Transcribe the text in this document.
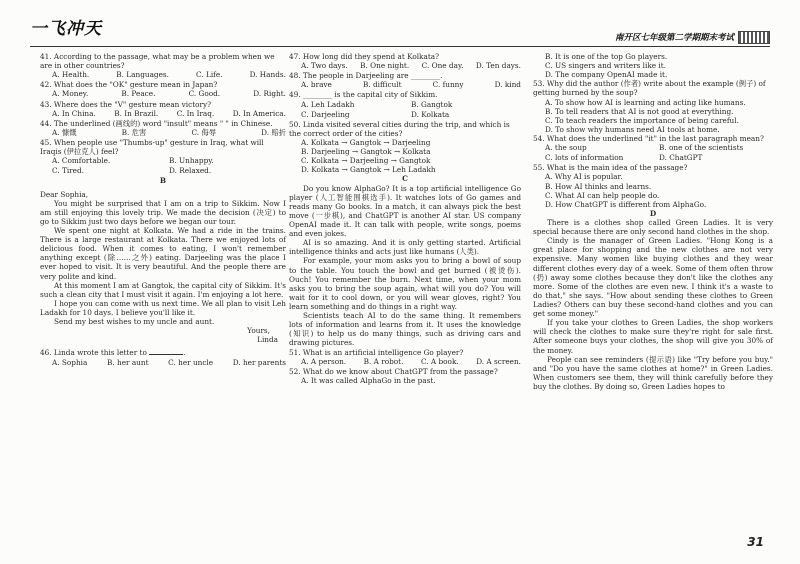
一飞冲天	南开区七年级第二学期期末考试

41. According to the passage, what may be a problem when we are in other countries?

A. Health.	B. Languages.	C. Life.	D. Hands.

42. What does the "OK" gesture mean in Japan?

A. Money.	B. Peace.	C. Good.	D. Right.

43. Where does the "V" gesture mean victory?

A. In China.	B. In Brazil.	C. In Iraq.	D. In America.

44. The underlined (画线的) word "insult" means " " in Chinese.

A. 慷慨	B. 危害	C. 侮辱	D. 赔折

45. When people use "Thumbs-up" gesture in Iraq, what will Iraqis (伊拉克人) feel?

A. Comfortable.	B. Unhappy.
C. Tired.	D. Relaxed.

B

Dear Sophia,

You might be surprised that I am on a trip to Sikkim. Now I am still enjoying this lovely trip. We made the decision (决定) to go to Sikkim just two days before we began our tour.

We spent one night at Kolkata. We had a ride in the trains. There is a large restaurant at Kolkata. There we enjoyed lots of delicious food. When it comes to eating, I won't remember anything except (除……之外) eating. Darjeeling was the place I ever hoped to visit. It is very beautiful. And the people there are very polite and kind.

At this moment I am at Gangtok, the capital city of Sikkim. It's such a clean city that I must visit it again. I'm enjoying a lot here.

I hope you can come with us next time. We all plan to visit Leh Ladakh for 10 days. I believe you'll like it.

Send my best wishes to my uncle and aunt.

Yours,

Linda

46. Linda wrote this letter to	.

A. Sophia	B. her aunt	C. her uncle	D. her parents

47. How long did they spend at Kolkata?

A. Two days. B. One night. C. One day. D. Ten days.

48. The people in Darjeeling are ________.

A. brave	B. difficult	C. funny	D. kind

49. ________ is the capital city of Sikkim.

A. Leh Ladakh	B. Gangtok
C. Darjeeling	D. Kolkata

50. Linda visited several cities during the trip, and which is the correct order of the cities?

A. Kolkata → Gangtok → Darjeeling

B. Darjeeling → Gangtok → Kolkata

C. Kolkata → Darjeeling → Gangtok

D. Kolkata → Gangtok → Leh Ladakh

C

Do you know AlphaGo? It is a top artificial intelligence Go player (人工智能围棋选手). It watches lots of Go games and reads many Go books. In a match, it can always pick the best move (一步棋), and ChatGPT is another AI star. US company OpenAI made it. It can talk with people, write songs, poems and even jokes.

AI is so amazing. And it is only getting started. Artificial intelligence thinks and acts just like humans (人类).

For example, your mom asks you to bring a bowl of soup to the table. You touch the bowl and get burned (被烫伤). Ouch! You remember the burn. Next time, when your mom asks you to bring the soup again, what will you do? You will wait for it to cool down, or you will wear gloves, right? You learn something and do things in a right way.

Scientists teach AI to do the same thing. It remembers lots of information and learns from it. It uses the knowledge (知识) to help us do many things, such as driving cars and drawing pictures.

51. What is an artificial intelligence Go player?

A. A person. B. A robot. C. A book. D. A screen.

52. What do we know about ChatGPT from the passage?

A. It was called AlphaGo in the past.

B. It is one of the top Go players.

C. US singers and writers like it.

D. The company OpenAI made it.

53. Why did the author (作者) write about the example (例子) of getting burned by the soup?

A. To show how AI is learning and acting like humans.

B. To tell readers that AI is not good at everything.

C. To teach readers the importance of being careful.

D. To show why humans need AI tools at home.

54. What does the underlined "it" in the last paragraph mean?

A. the soup	B. one of the scientists
C. lots of information	D. ChatGPT

55. What is the main idea of the passage?

A. Why AI is popular.

B. How AI thinks and learns.

C. What AI can help people do.

D. How ChatGPT is different from AlphaGo.

D

There is a clothes shop called Green Ladies. It is very special because there are only second hand clothes in the shop.

Cindy is the manager of Green Ladies. "Hong Kong is a great place for shopping and the new clothes are not very expensive. Many women like buying clothes and they wear different clothes every day of a week. Some of them often throw (扔) away some clothes because they don't like the clothes any more. Some of the clothes are even new. I think it's a waste to do that," she says. "How about sending these clothes to Green Ladies? Others can buy these second-hand clothes and you can get some money."

If you take your clothes to Green Ladies, the shop workers will check the clothes to make sure they're right for sale first. After someone buys your clothes, the shop will give you 30% of the money.

People can see reminders (提示语) like "Try before you buy." and "Do you have the same clothes at home?" in Green Ladies. When customers see them, they will think carefully before they buy the clothes. By doing so, Green Ladies hopes to

31
